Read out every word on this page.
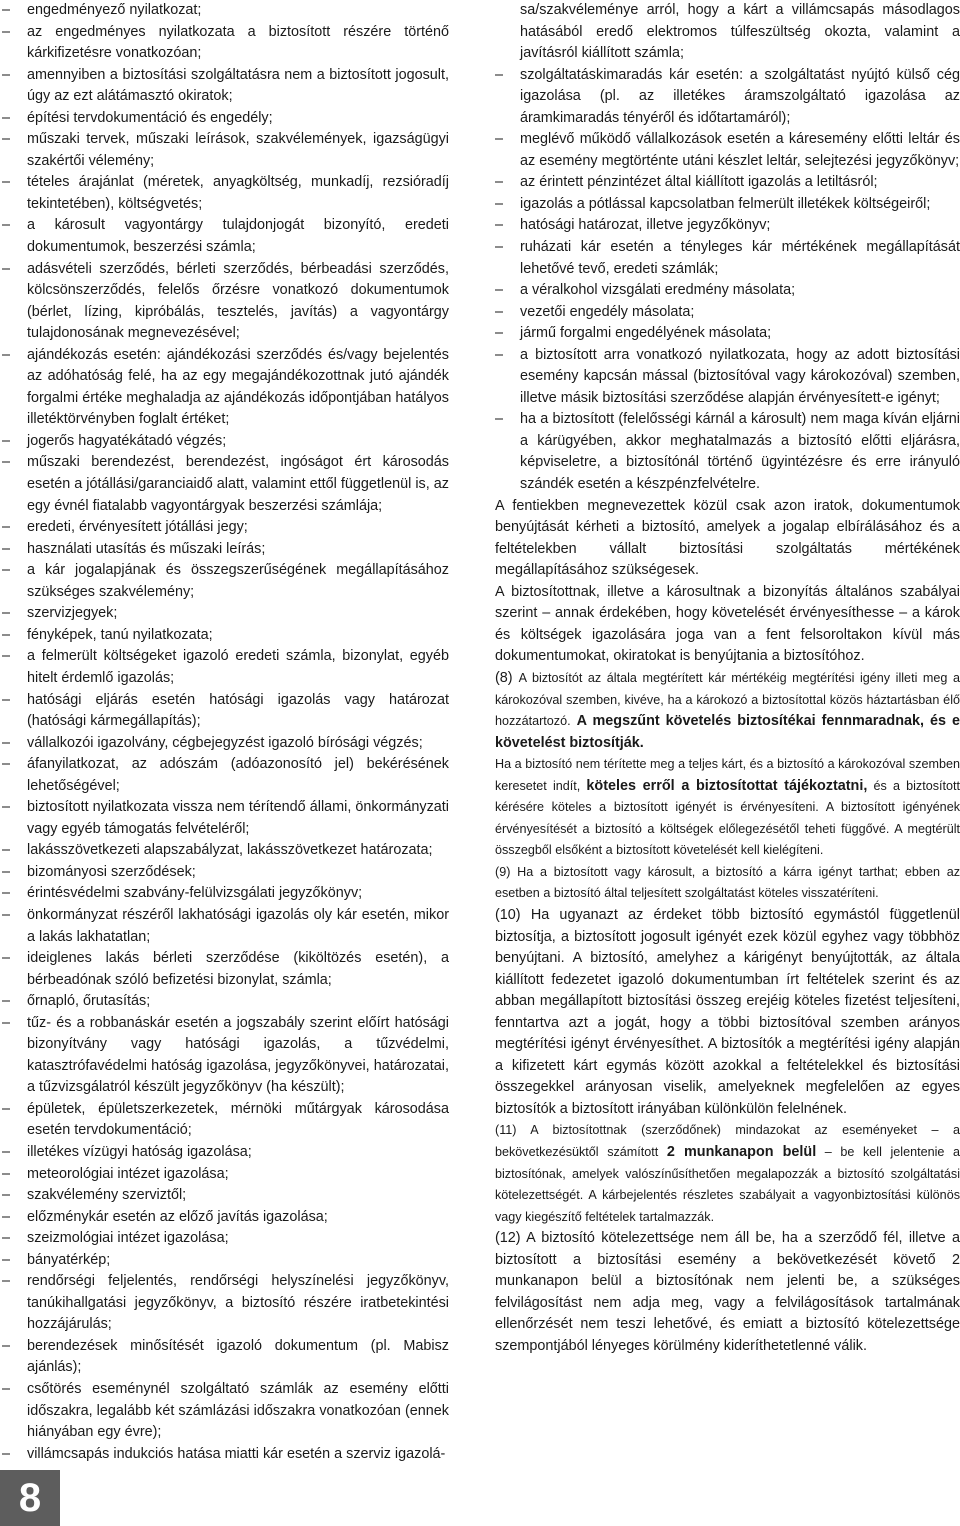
– engedményező nyilatkozat;
– az engedményes nyilatkozata a biztosított részére történő kárkifizetésre vonatkozóan;
– amennyiben a biztosítási szolgáltatásra nem a biztosított jogosult, úgy az ezt alátámasztó okiratok;
– építési tervdokumentáció és engedély;
– műszaki tervek, műszaki leírások, szakvélemények, igazságügyi szakértői vélemény;
– tételes árajánlat (méretek, anyagköltség, munkadíj, rezsióradíj tekintetében), költségvetés;
– a károsult vagyontárgy tulajdonjogát bizonyító, eredeti dokumentumok, beszerzési számla;
– adásvételi szerződés, bérleti szerződés, bérbeadási szerződés, kölcsönszerződés, felelős őrzésre vonatkozó dokumentumok (bérlet, lízing, kipróbálás, tesztelés, javítás) a vagyontárgy tulajdonosának megnevezésével;
– ajándékozás esetén: ajándékozási szerződés és/vagy bejelentés az adóhatóság felé, ha az egy megajándékozottnak jutó ajándék forgalmi értéke meghaladja az ajándékozás időpontjában hatályos illetéktörvényben foglalt értéket;
– jogerős hagyatékátadó végzés;
– műszaki berendezést, berendezést, ingóságot ért károsodás esetén a jótállási/garanciaidő alatt, valamint ettől függetlenül is, az egy évnél fiatalabb vagyontárgyak beszerzési számlája;
– eredeti, érvényesített jótállási jegy;
– használati utasítás és műszaki leírás;
– a kár jogalapjának és összegszerűségének megállapításához szükséges szakvélemény;
– szervizjegyek;
– fényképek, tanú nyilatkozata;
– a felmerült költségeket igazoló eredeti számla, bizonylat, egyéb hitelt érdemlő igazolás;
– hatósági eljárás esetén hatósági igazolás vagy határozat (hatósági kármegállapítás);
– vállalkozói igazolvány, cégbejegyzést igazoló bírósági végzés;
– áfanyilatkozat, az adószám (adóazonosító jel) bekérésének lehetőségével;
– biztosított nyilatkozata vissza nem térítendő állami, önkormányzati vagy egyéb támogatás felvételéről;
– lakásszövetkezeti alapszabályzat, lakásszövetkezet határozata;
– bizományosi szerződések;
– érintésvédelmi szabvány-felülvizsgálati jegyzőkönyv;
– önkormányzat részéről lakhatósági igazolás oly kár esetén, mikor a lakás lakhatatlan;
– ideiglenes lakás bérleti szerződése (kiköltözés esetén), a bérbeadónak szóló befizetési bizonylat, számla;
– őrnapló, őrutasítás;
– tűz- és a robbanáskár esetén a jogszabály szerint előírt hatósági bizonyítvány vagy hatósági igazolás, a tűzvédelmi, katasztrófavédelmi hatóság igazolása, jegyzőkönyvei, határozatai, a tűzvizsgálatról készült jegyzőkönyv (ha készült);
– épületek, épületszerkezetek, mérnöki műtárgyak károsodása esetén tervdokumentáció;
– illetékes vízügyi hatóság igazolása;
– meteorológiai intézet igazolása;
– szakvélemény szerviztől;
– előzménykár esetén az előző javítás igazolása;
– szeizmológiai intézet igazolása;
– bányatérkép;
– rendőrségi feljelentés, rendőrségi helyszínelési jegyzőkönyv, tanúkihallgatási jegyzőkönyv, a biztosító részére iratbetekintési hozzájárulás;
– berendezések minősítését igazoló dokumentum (pl. Mabisz ajánlás);
– csőtörés eseménynél szolgáltató számlák az esemény előtti időszakra, legalább két számlázási időszakra vonatkozóan (ennek hiányában egy évre);
– villámcsapás indukciós hatása miatti kár esetén a szerviz igazolá-
sa/szakvéleménye arról, hogy a kárt a villámcsapás másodlagos hatásából eredő elektromos túlfeszültség okozta, valamint a javításról kiállított számla;
– szolgáltatáskimaradás kár esetén: a szolgáltatást nyújtó külső cég igazolása (pl. az illetékes áramszolgáltató igazolása az áramkimaradás tényéről és időtartamáról);
– meglévő működő vállalkozások esetén a káresemény előtti leltár és az esemény megtörténte utáni készlet leltár, selejtezési jegyzőkönyv;
– az érintett pénzintézet által kiállított igazolás a letiltásról;
– igazolás a pótlással kapcsolatban felmerült illetékek költségeiről;
– hatósági határozat, illetve jegyzőkönyv;
– ruházati kár esetén a tényleges kár mértékének megállapítását lehetővé tevő, eredeti számlák;
– a véralkohol vizsgálati eredmény másolata;
– vezetői engedély másolata;
– jármű forgalmi engedélyének másolata;
– a biztosított arra vonatkozó nyilatkozata, hogy az adott biztosítási esemény kapcsán mással (biztosítóval vagy károkozóval) szemben, illetve másik biztosítási szerződése alapján érvényesített-e igényt;
– ha a biztosított (felelősségi kárnál a károsult) nem maga kíván eljárni a kárügyében, akkor meghatalmazás a biztosító előtti eljárásra, képviseletre, a biztosítónál történő ügyintézésre és erre irányuló szándék esetén a készpénzfelvételre.
A fentiekben megnevezettek közül csak azon iratok, dokumentumok benyújtását kérheti a biztosító, amelyek a jogalap elbírálásához és a feltételekben vállalt biztosítási szolgáltatás mértékének megállapításához szükségesek.
A biztosítottnak, illetve a károsultnak a bizonyítás általános szabályai szerint – annak érdekében, hogy követelését érvényesíthesse – a károk és költségek igazolására joga van a fent felsoroltakon kívül más dokumentumokat, okiratokat is benyújtania a biztosítóhoz.
(8) A biztosítót az általa megtérített kár mértékéig megtérítési igény illeti meg a károkozóval szemben, kivéve, ha a károkozó a biztosítottal közös háztartásban élő hozzátartozó. A megszűnt követelés biztosítékai fennmaradnak, és e követelést biztosítják.
Ha a biztosító nem térítette meg a teljes kárt, és a biztosító a károkozóval szemben keresetet indít, köteles erről a biztosítottat tájékoztatni, és a biztosított kérésére köteles a biztosított igényét is érvényesíteni. A biztosított igényének érvényesítését a biztosító a költségek előlegezésétől teheti függővé. A megtérült összegből elsőként a biztosított követelését kell kielégíteni.
(9) Ha a biztosított vagy károsult, a biztosító a kárra igényt tarthat; ebben az esetben a biztosító által teljesített szolgáltatást köteles visszatéríteni.
(10) Ha ugyanazt az érdeket több biztosító egymástól függetlenül biztosítja, a biztosított jogosult igényét ezek közül egyhez vagy többhöz benyújtani. A biztosító, amelyhez a kárigényt benyújtották, az általa kiállított fedezetet igazoló dokumentumban írt feltételek szerint és az abban megállapított biztosítási összeg erejéig köteles fizetést teljesíteni, fenntartva azt a jogát, hogy a többi biztosítóval szemben arányos megtérítési igényt érvényesíthet. A biztosítók a megtérítési igény alapján a kifizetett kárt egymás között azokkal a feltételekkel és biztosítási összegekkel arányosan viselik, amelyeknek megfelelően az egyes biztosítók a biztosított irányában különkülön felelnének.
(11) A biztosítottnak (szerződőnek) mindazokat az eseményeket – a bekövetkezésüktől számított 2 munkanapon belül – be kell jelentenie a biztosítónak, amelyek valószínűsíthetően megalapozzák a biztosító szolgáltatási kötelezettségét. A kárbejelentés részletes szabályait a vagyonbiztosítási különös vagy kiegészítő feltételek tartalmazzák.
(12) A biztosító kötelezettsége nem áll be, ha a szerződő fél, illetve a biztosított a biztosítási esemény a bekövetkezését követő 2 munkanapon belül a biztosítónak nem jelenti be, a szükséges felvilágosítást nem adja meg, vagy a felvilágosítások tartalmának ellenőrzését nem teszi lehetővé, és emiatt a biztosító kötelezettsége szempontjából lényeges körülmény kideríthetetlenné válik.
8
